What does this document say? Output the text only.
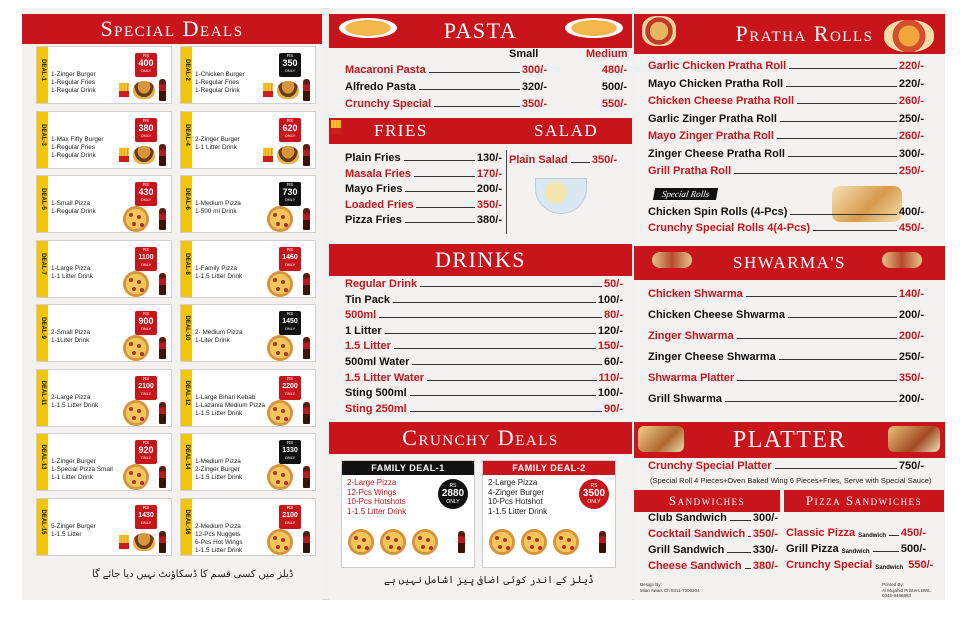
Special Deals
DEAL-1 1-Zinger Burger
1-Regular Fries
1-Regular Drink
RS
400
ONLY	DEAL-2 1-Chicken Burger
1-Regular Fries
1-Regular Drink
RS
350
ONLY
DEAL-3 1-Max Fifty Burger
1-Regular Fries
1-Regular Drink
RS
380
ONLY	DEAL-4 2-Zinger Burger
1-1 Litter Drink
RS
620
ONLY
DEAL-5 1-Small Pizza
1-Regular Drink
RS
430
ONLY	DEAL-6 1-Medium Pizza
1-500 ml Drink
RS
730
ONLY
DEAL-7 1-Large Pizza
1-1 Litter Drink
RS
1100
ONLY	DEAL-8 1-Family Pizza
1-1.5 Litter Drink
RS
1460
ONLY
DEAL-9 2-Small Pizza
1-1Liter Drink
RS
900
ONLY	DEAL-10 2- Medium Pizza
1-Liter Drink
RS
1450
ONLY
DEAL-11 2-Large Pizza
1-1.5 Litter Drink
RS
2100
ONLY	DEAL-12 1-Large Bihari Kebab
1-Lazania Medium Pizza
1-1.5 Litter Drink
RS
2200
ONLY
DEAL-13 1-Zinger Burger
1-Special Pizza Small
1-1 Litter Drink
RS
920
ONLY	DEAL-14 1-Medium Pizza
2-Zinger Burger
1-1.5 Litter Drink
RS
1330
ONLY
DEAL-15 5-Zinger Burger
1-1.5 Litter
RS
1430
ONLY	DEAL-16 2-Medium Pizza
12-Pcs Nuggets
6-Pcs Hot Wings
1-1.5 Litter Drink
RS
2100
ONLY
ڈیلز میں کسی قسم کا ڈسکاؤنٹ نہیں دیا جائے گا
PASTA
Small	Medium
Macaroni Pasta	300/-	480/-
Alfredo Pasta	320/-	500/-
Crunchy Special	350/-	550/-
FRIES	SALAD
Plain Fries	130/-
Masala Fries	170/-
Mayo Fries	200/-
Loaded Fries	350/-
Pizza Fries	380/-
Plain Salad 350/-
DRINKS
Regular Drink	50/-
Tin Pack	100/-
500ml	80/-
1 Litter	120/-
1.5 Litter	150/-
500ml Water	60/-
1.5 Litter Water	110/-
Sting 500ml	100/-
Sting 250ml	90/-
Crunchy Deals
FAMILY DEAL-1
2-Large Pizza
12-Pcs Wings
10-Pcs Hotshots
1-1.5 Litter Drink
RS
2880
ONLY
FAMILY DEAL-2
2-Large Pizza
4-Zinger Burger
10-Pcs Hotshot
1-1.5 Litter Drink
RS
3500
ONLY
ڈیلز کے اندر کوئی اضافی پیز اشامل نہیں ہے
Pratha Rolls
Garlic Chicken Pratha Roll	220/-
Mayo Chicken Pratha Roll	220/-
Chicken Cheese Pratha Roll	260/-
Garlic Zinger Pratha Roll	250/-
Mayo Zinger Pratha Roll	260/-
Zinger Cheese Pratha Roll	300/-
Grill Pratha Roll	250/-
Special Rolls
Chicken Spin Rolls (4-Pcs)	400/-
Crunchy Special Rolls 4(4-Pcs)	450/-
SHWARMA'S
Chicken Shwarma	140/-
Chicken Cheese Shwarma	200/-
Zinger Shwarma	200/-
Zinger Cheese Shwarma	250/-
Shwarma Platter	350/-
Grill Shwarma	200/-
PLATTER
Crunchy Special Platter	750/-
(Special Roll 4 Pieces+Oven Baked Wing 6 Pieces+Fries, Serve with Special Sauce)
Sandwiches	Pizza Sandwiches
Club Sandwich 300/-
Cocktail Sandwich 350/-
Grill Sandwich	330/-
Cheese Sandwich 380/-
Classic Pizza Sandwich 450/-
Grill Pizza Sandwich	500/-
Crunchy Special Sandwich 550/-
Design By:
Mian Awais Ch 0311-7000204
Printed By:
Al Mujahid Printers BWL
0345-9486863
